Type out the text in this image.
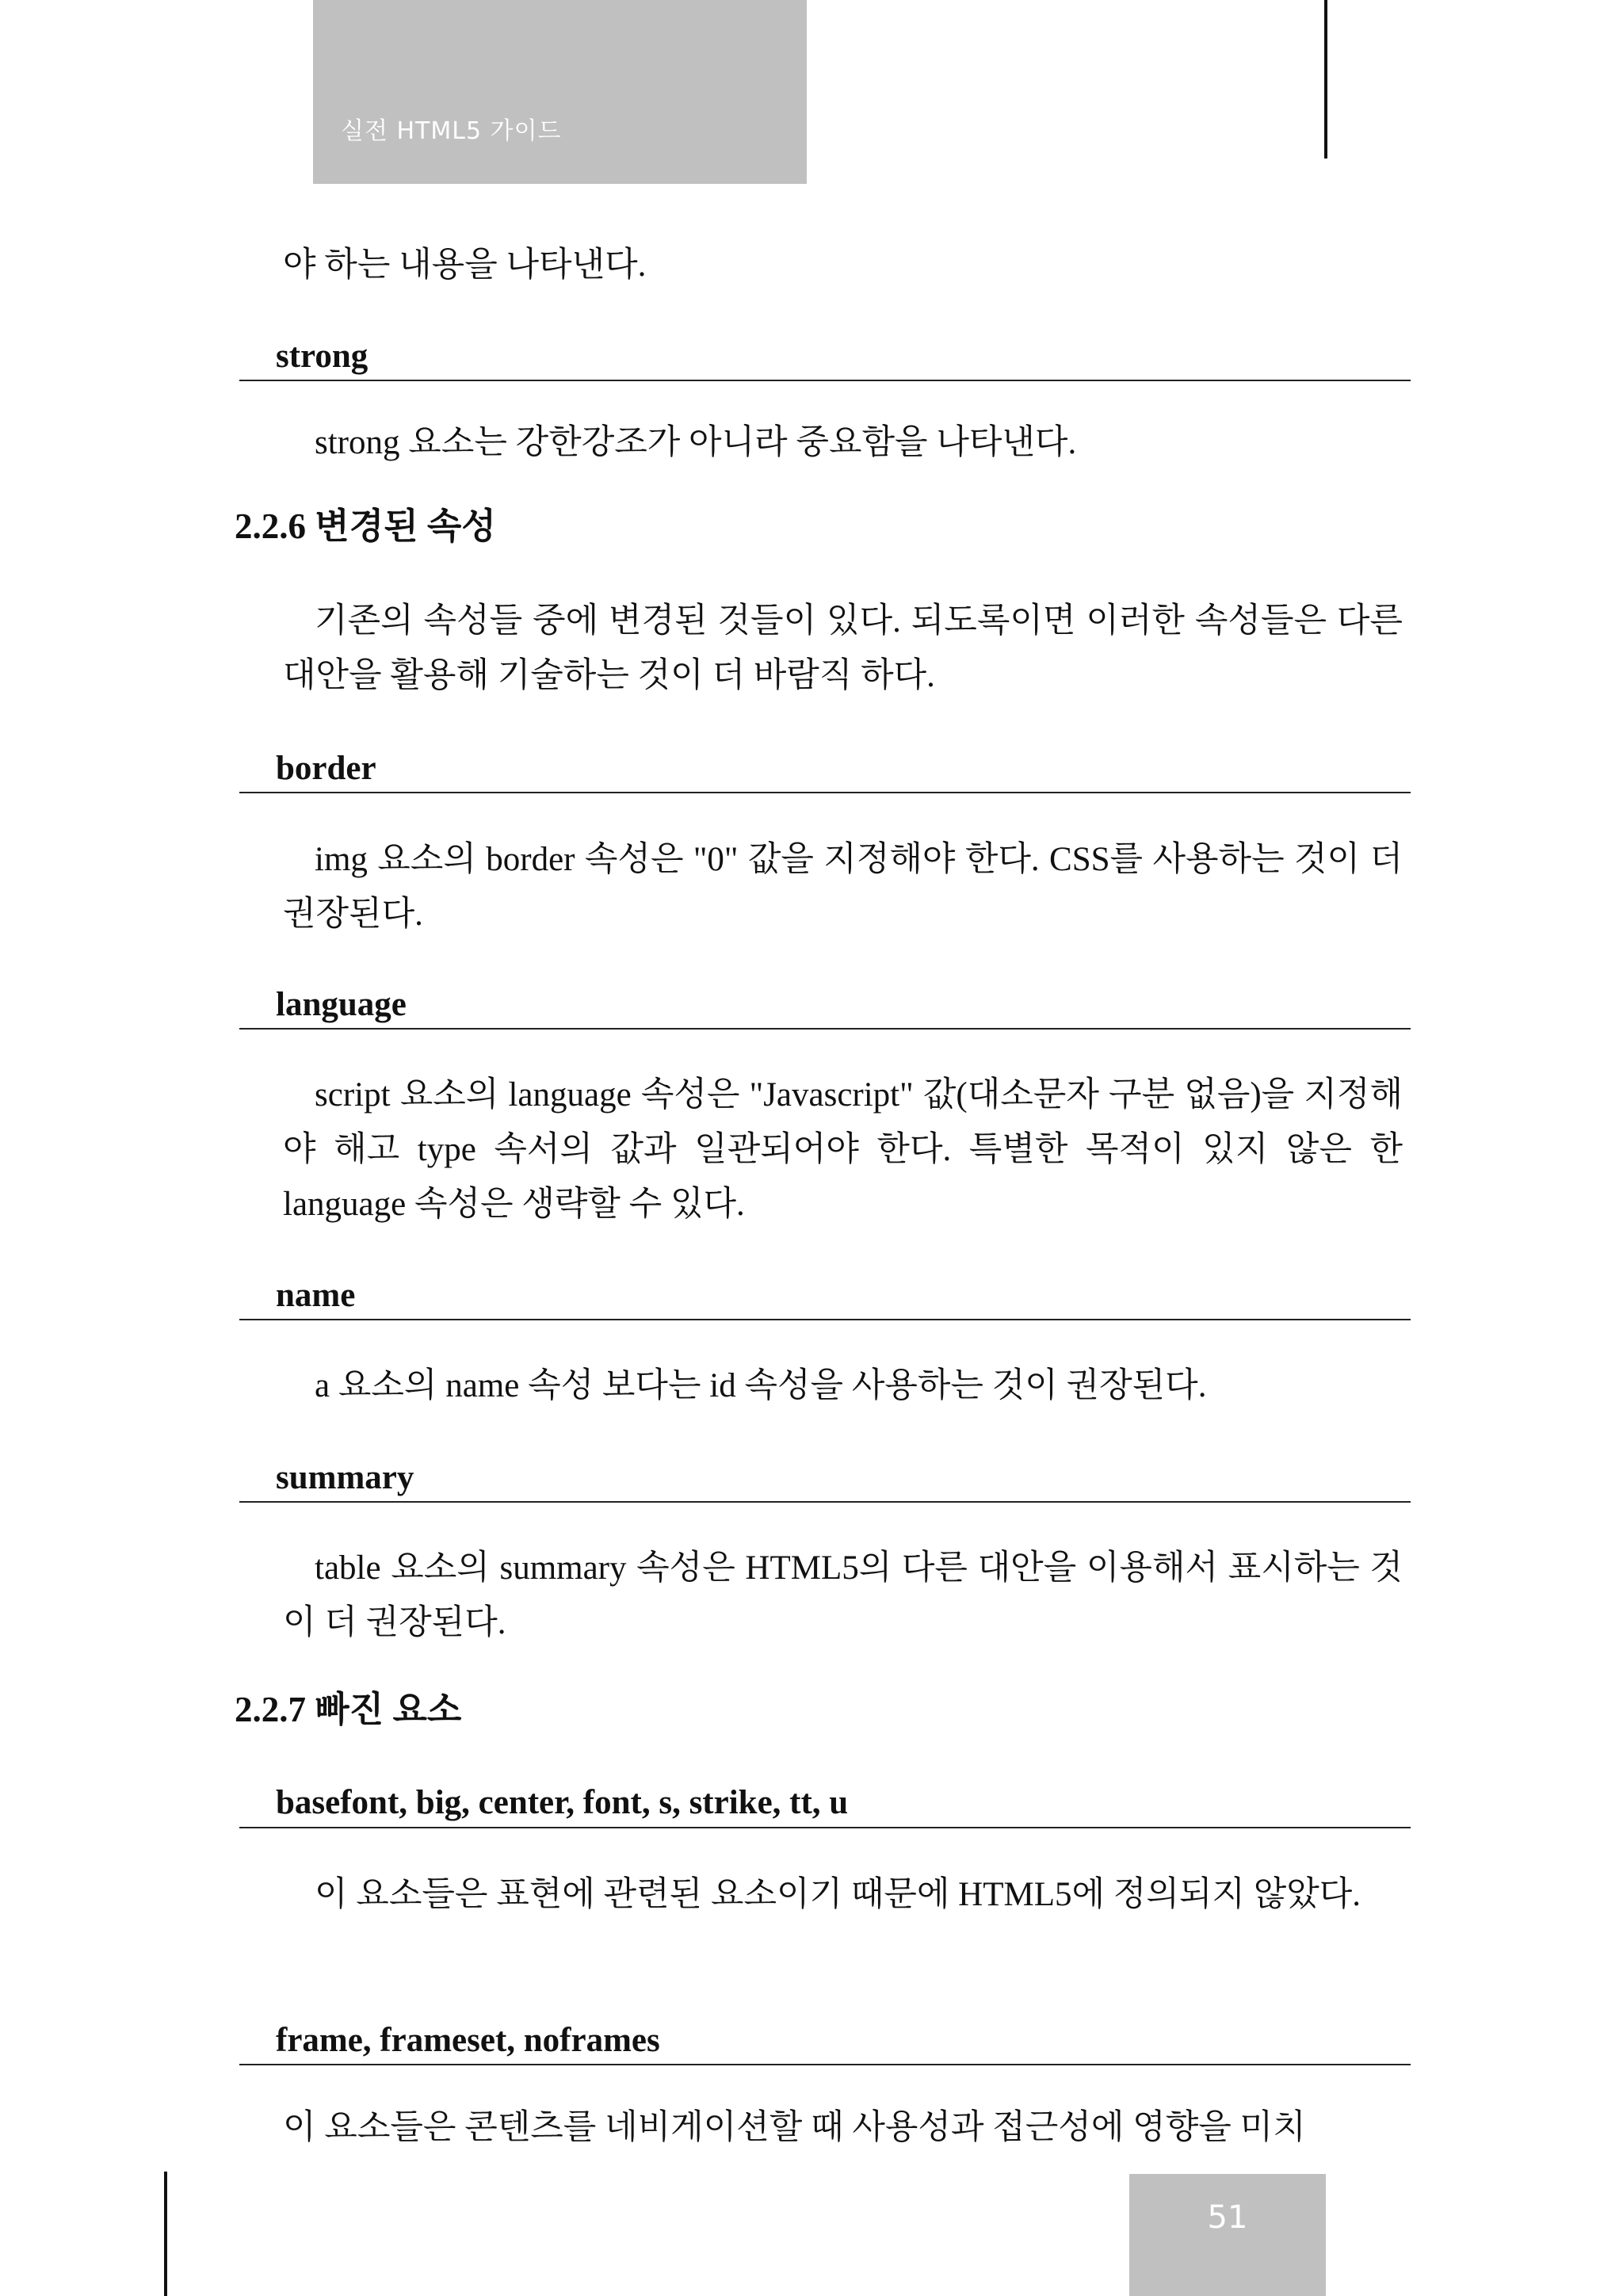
실전 HTML5 가이드

야 하는 내용을 나타낸다.

strong

strong 요소는 강한강조가 아니라 중요함을 나타낸다.

2.2.6 변경된 속성

기존의 속성들 중에 변경된 것들이 있다. 되도록이면 이러한 속성들은 다른 대안을 활용해 기술하는 것이 더 바람직 하다.

border

img 요소의 border 속성은 "0" 값을 지정해야 한다. CSS를 사용하는 것이 더 권장된다.

language

script 요소의 language 속성은 "Javascript" 값(대소문자 구분 없음)을 지정해야 해고 type 속서의 값과 일관되어야 한다. 특별한 목적이 있지 않은 한 language 속성은 생략할 수 있다.

name

a 요소의 name 속성 보다는 id 속성을 사용하는 것이 권장된다.

summary

table 요소의 summary 속성은 HTML5의 다른 대안을 이용해서 표시하는 것이 더 권장된다.

2.2.7 빠진 요소
basefont, big, center, font, s, strike, tt, u

이 요소들은 표현에 관련된 요소이기 때문에 HTML5에 정의되지 않았다.

frame, frameset, noframes

이 요소들은 콘텐츠를 네비게이션할 때 사용성과 접근성에 영향을 미치

51
